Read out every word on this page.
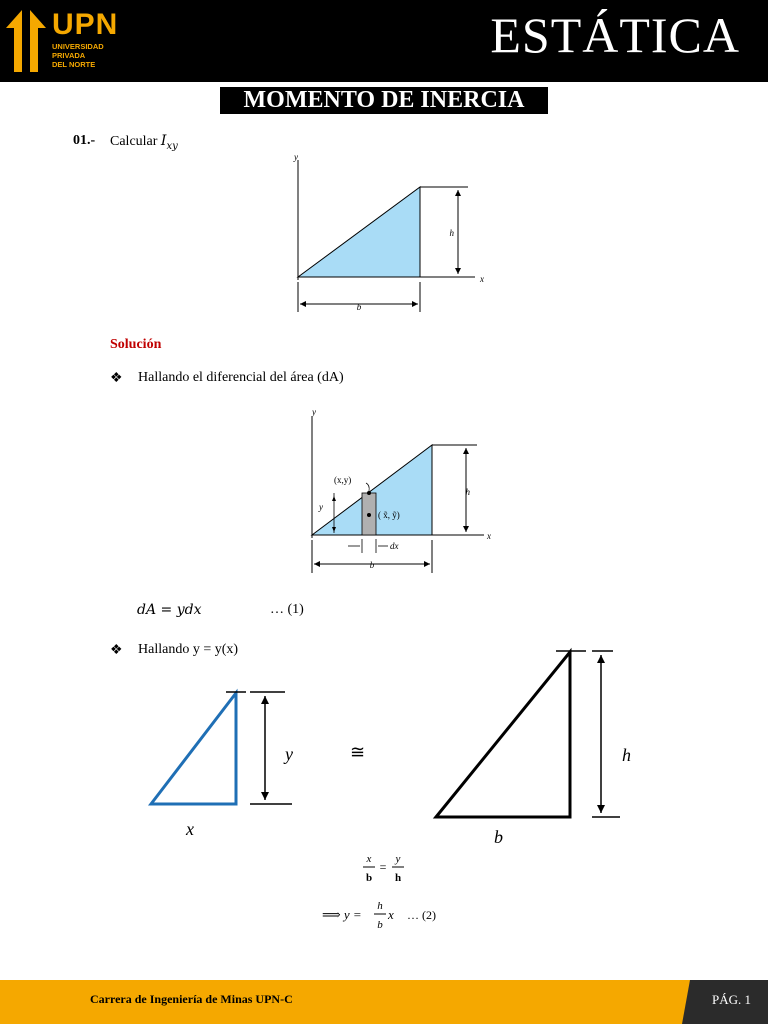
UPN
UNIVERSIDAD
PRIVADA
DEL NORTE
ESTÁTICA
MOMENTO DE INERCIA
01.- Calcular $I_{xy}$
y
x
h
b
Solución
❖ Hallando el diferencial del área (dA)
y
x
(x,y)
( x̃, ỹ)
y
dx
h
b
dA = ydx	… (1)
❖ Hallando y = y(x)
y
x
≅	h
b
x
b
=
y
h
⟹ y =
h
b
x … (2)
Carrera de Ingeniería de Minas UPN-C	PÁG. 1
